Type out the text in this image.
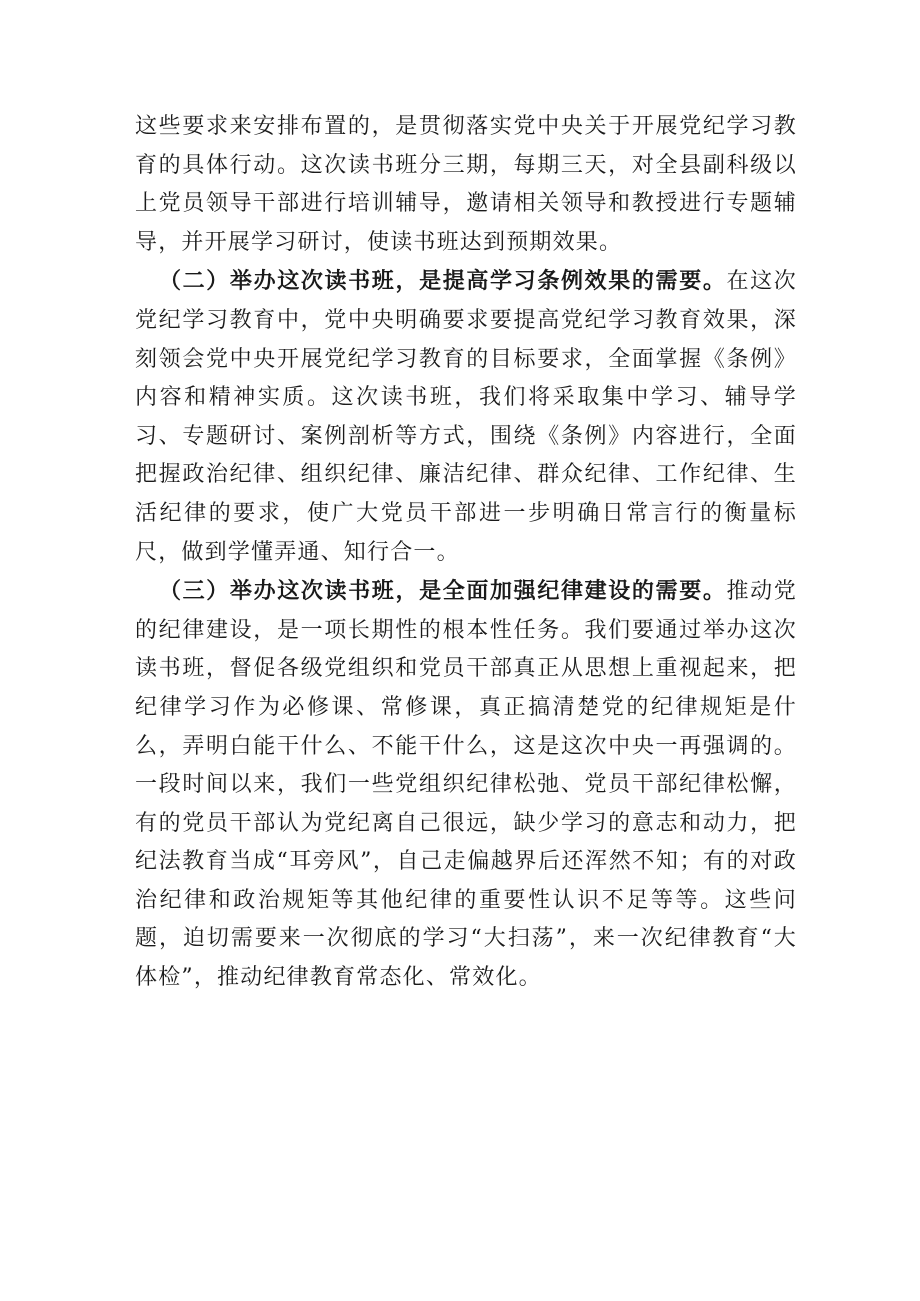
这些要求来安排布置的，是贯彻落实党中央关于开展党纪学习教育的具体行动。这次读书班分三期，每期三天，对全县副科级以上党员领导干部进行培训辅导，邀请相关领导和教授进行专题辅导，并开展学习研讨，使读书班达到预期效果。

（二）举办这次读书班，是提高学习条例效果的需要。在这次党纪学习教育中，党中央明确要求要提高党纪学习教育效果，深刻领会党中央开展党纪学习教育的目标要求，全面掌握《条例》内容和精神实质。这次读书班，我们将采取集中学习、辅导学习、专题研讨、案例剖析等方式，围绕《条例》内容进行，全面把握政治纪律、组织纪律、廉洁纪律、群众纪律、工作纪律、生活纪律的要求，使广大党员干部进一步明确日常言行的衡量标尺，做到学懂弄通、知行合一。

（三）举办这次读书班，是全面加强纪律建设的需要。推动党的纪律建设，是一项长期性的根本性任务。我们要通过举办这次读书班，督促各级党组织和党员干部真正从思想上重视起来，把纪律学习作为必修课、常修课，真正搞清楚党的纪律规矩是什么，弄明白能干什么、不能干什么，这是这次中央一再强调的。一段时间以来，我们一些党组织纪律松弛、党员干部纪律松懈，有的党员干部认为党纪离自己很远，缺少学习的意志和动力，把纪法教育当成“耳旁风”，自己走偏越界后还浑然不知；有的对政治纪律和政治规矩等其他纪律的重要性认识不足等等。这些问题，迫切需要来一次彻底的学习“大扫荡”，来一次纪律教育“大体检”，推动纪律教育常态化、常效化。
